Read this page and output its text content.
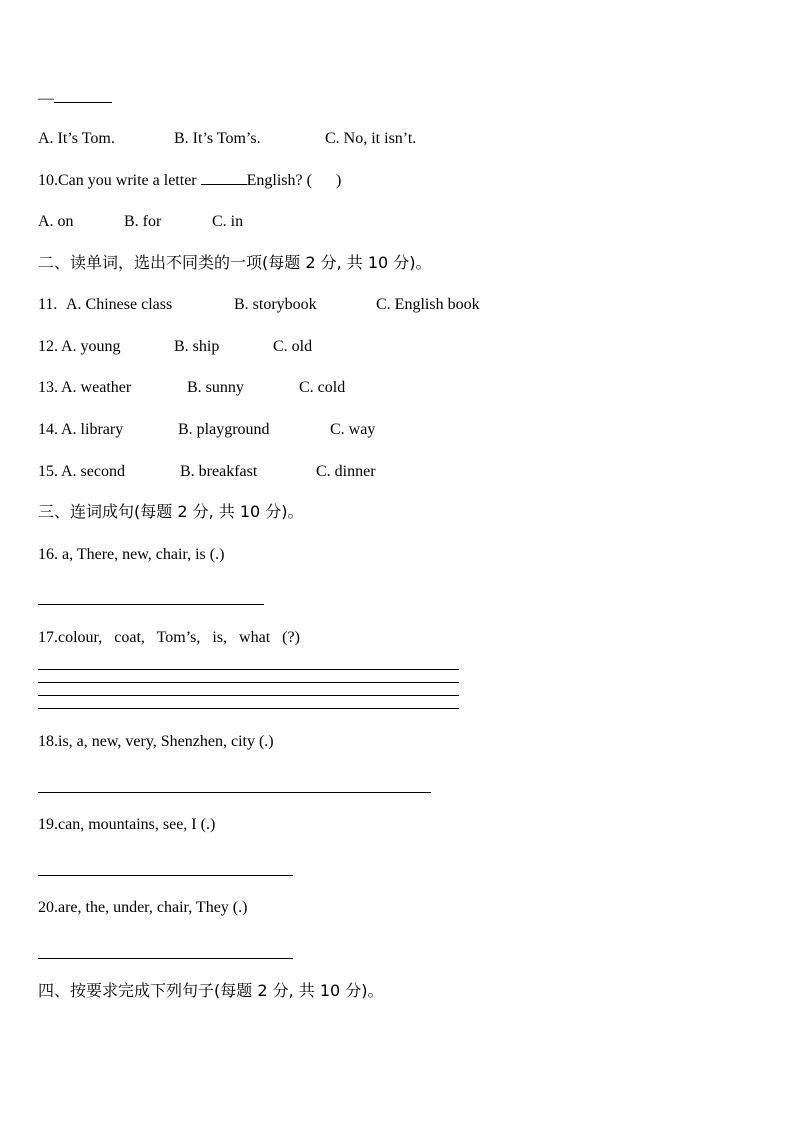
—
A. It’s Tom.	B. It’s Tom’s.	C. No, it isn’t.
10.Can you write a letter	English? (      )
A. on	B. for	C. in
二、读单词，选出不同类的一项(每题 2 分, 共 10 分)。
11. A. Chinese class	B. storybook	C. English book
12. A. young	B. ship	C. old
13. A. weather	B. sunny	C. cold
14. A. library	B. playground	C. way
15. A. second	B. breakfast	C. dinner
三、连词成句(每题 2 分, 共 10 分)。
16. a, There, new, chair, is (.)
17.colour,   coat,   Tom’s,   is,   what   (?)
18.is, a, new, very, Shenzhen, city (.)
19.can, mountains, see, I (.)
20.are, the, under, chair, They (.)
四、按要求完成下列句子(每题 2 分, 共 10 分)。
